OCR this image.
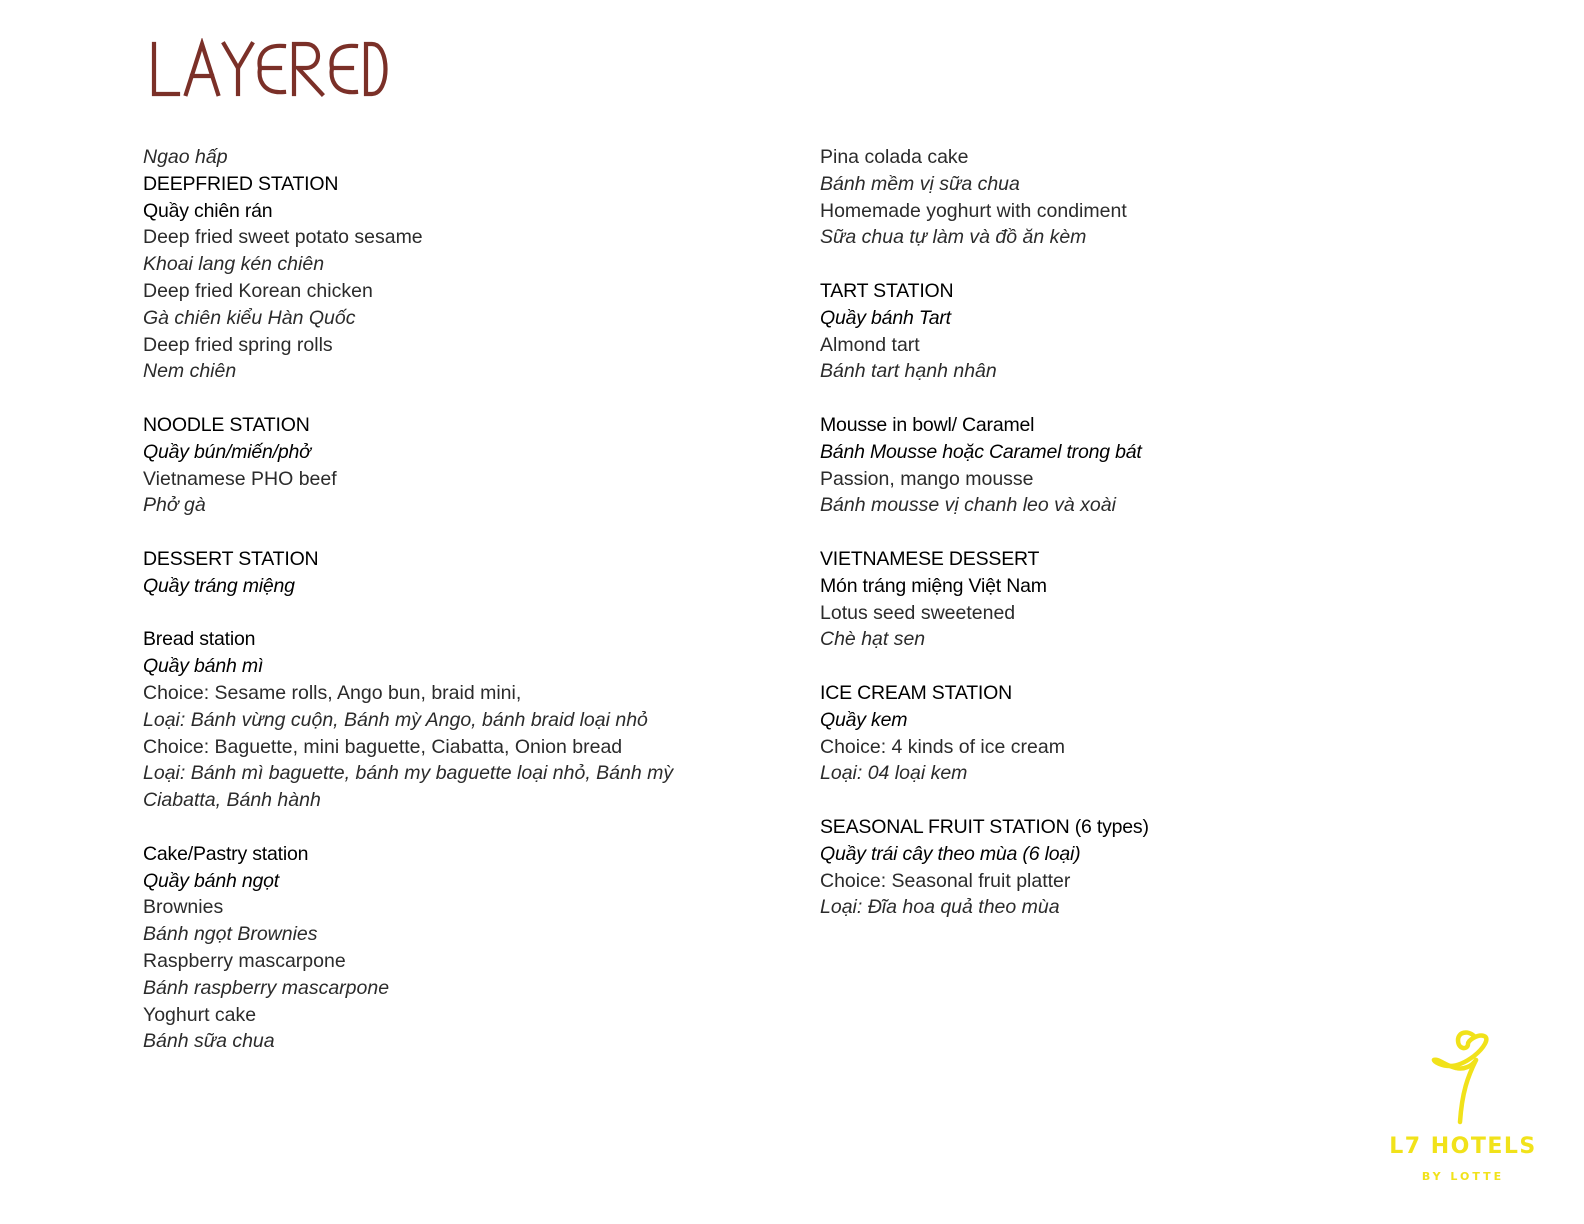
Ngao hấp
DEEPFRIED STATION
Quầy chiên rán
Deep fried sweet potato sesame
Khoai lang kén chiên
Deep fried Korean chicken
Gà chiên kiểu Hàn Quốc
Deep fried spring rolls
Nem chiên
NOODLE STATION
Quầy bún/miến/phở
Vietnamese PHO beef
Phở gà
DESSERT STATION
Quầy tráng miệng
Bread station
Quầy bánh mì
Choice: Sesame rolls, Ango bun, braid mini,
Loại: Bánh vừng cuộn, Bánh mỳ Ango, bánh braid loại nhỏ
Choice: Baguette, mini baguette, Ciabatta, Onion bread
Loại: Bánh mì baguette, bánh my baguette loại nhỏ, Bánh mỳ Ciabatta, Bánh hành
Cake/Pastry station
Quầy bánh ngọt
Brownies
Bánh ngọt Brownies
Raspberry mascarpone
Bánh raspberry mascarpone
Yoghurt cake
Bánh sữa chua
Pina colada cake
Bánh mềm vị sữa chua
Homemade yoghurt with condiment
Sữa chua tự làm và đồ ăn kèm
TART STATION
Quầy bánh Tart
Almond tart
Bánh tart hạnh nhân
Mousse in bowl/ Caramel
Bánh Mousse hoặc Caramel trong bát
Passion, mango mousse
Bánh mousse vị chanh leo và xoài
VIETNAMESE DESSERT
Món tráng miệng Việt Nam
Lotus seed sweetened
Chè hạt sen
ICE CREAM STATION
Quầy kem
Choice: 4 kinds of ice cream
Loại: 04 loại kem
SEASONAL FRUIT STATION (6 types)
Quầy trái cây theo mùa (6 loại)
Choice: Seasonal fruit platter
Loại: Đĩa hoa quả theo mùa
L7 HOTELS
BY LOTTE
